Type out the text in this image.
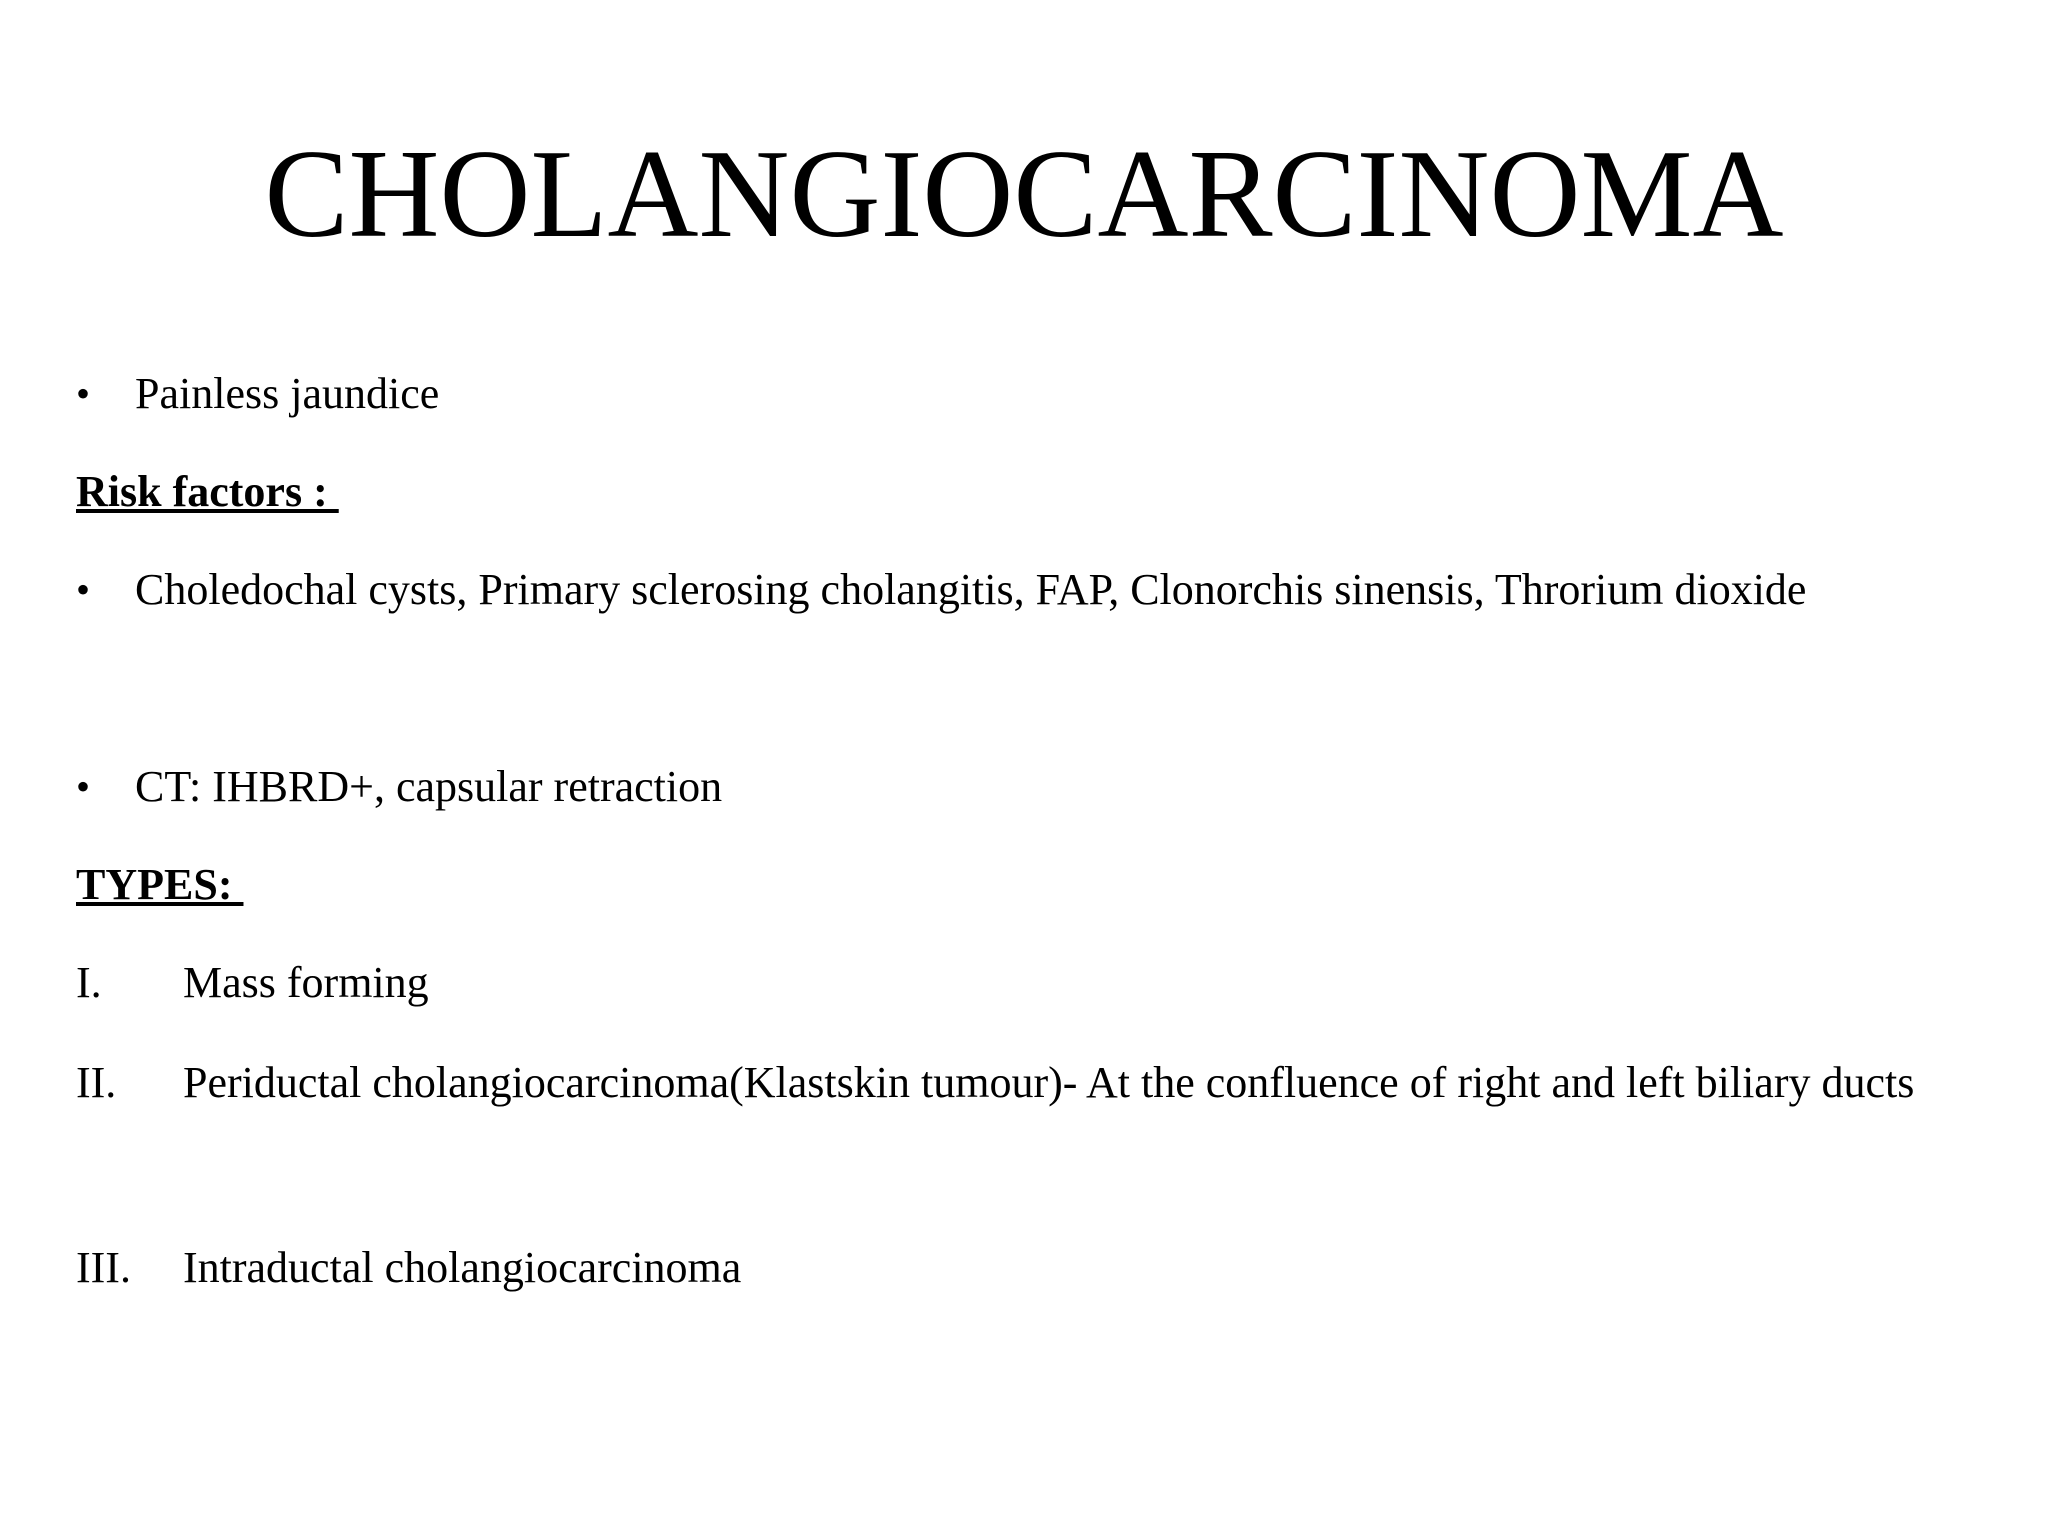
CHOLANGIOCARCINOMA
• Painless jaundice
Risk factors :
• Choledochal cysts, Primary sclerosing cholangitis, FAP, Clonorchis sinensis, Throrium dioxide
• CT: IHBRD+, capsular retraction
TYPES:
I. Mass forming
II. Periductal cholangiocarcinoma(Klastskin tumour)- At the confluence of right and left biliary ducts
III. Intraductal cholangiocarcinoma
